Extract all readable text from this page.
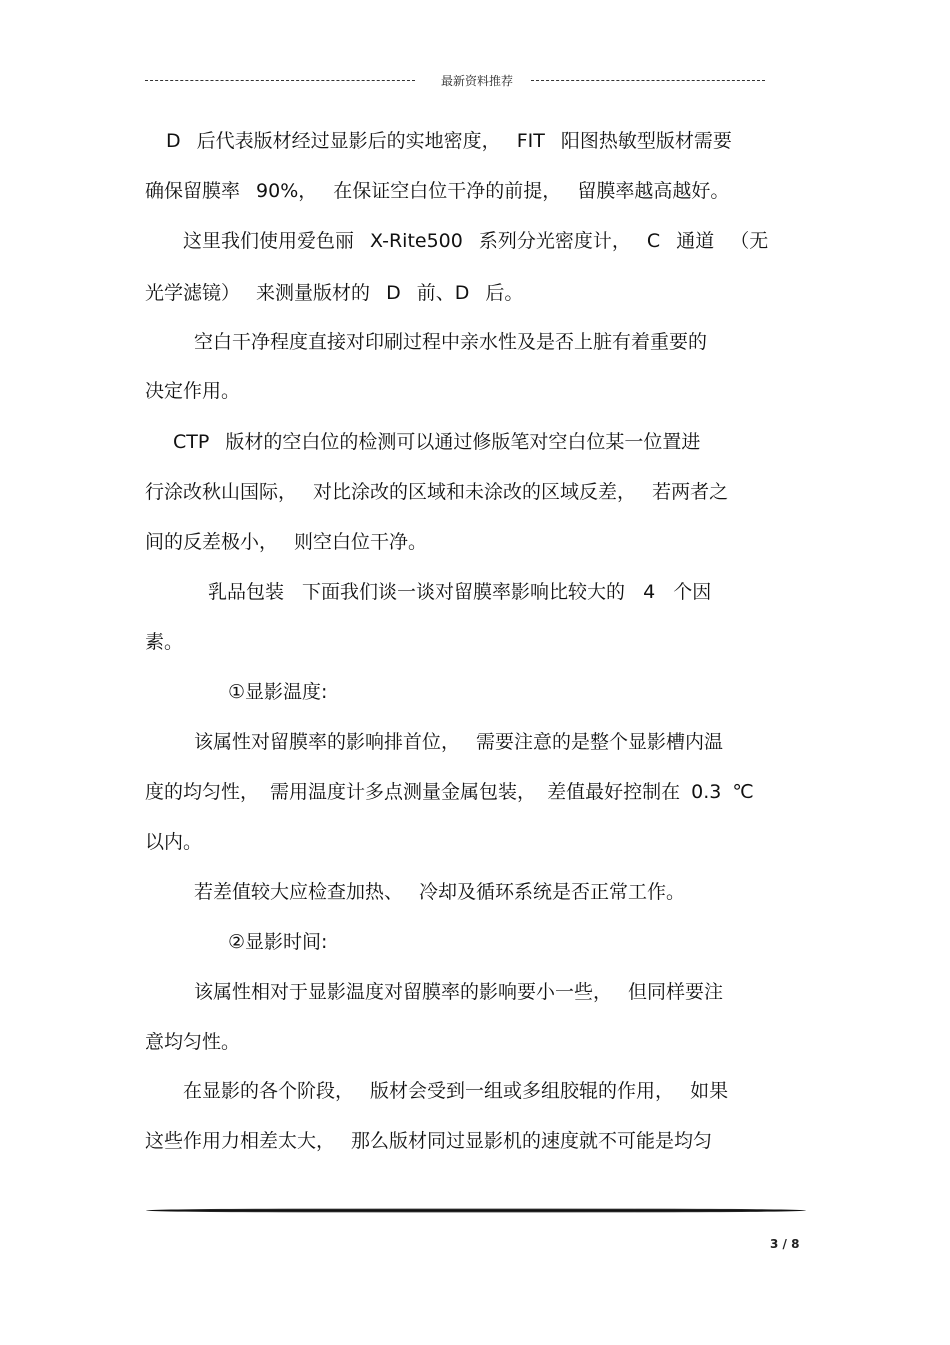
最新资料推荐
D 后代表版材经过显影后的实地密度， FIT 阳图热敏型版材需要
确保留膜率 90%， 在保证空白位干净的前提， 留膜率越高越好。
这里我们使用爱色丽 X-Rite500 系列分光密度计， C 通道 （无
光学滤镜） 来测量版材的 D 前、D 后。
空白干净程度直接对印刷过程中亲水性及是否上脏有着重要的
决定作用。
CTP 版材的空白位的检测可以通过修版笔对空白位某一位置进
行涂改秋山国际， 对比涂改的区域和未涂改的区域反差， 若两者之
间的反差极小， 则空白位干净。
乳品包装 下面我们谈一谈对留膜率影响比较大的 4 个因
素。
①显影温度:
该属性对留膜率的影响排首位， 需要注意的是整个显影槽内温
度的均匀性， 需用温度计多点测量金属包装， 差值最好控制在 0.3 ℃
以内。
若差值较大应检查加热、 冷却及循环系统是否正常工作。
②显影时间:
该属性相对于显影温度对留膜率的影响要小一些， 但同样要注
意均匀性。
在显影的各个阶段， 版材会受到一组或多组胶辊的作用， 如果
这些作用力相差太大， 那么版材同过显影机的速度就不可能是均匀
3 / 8
